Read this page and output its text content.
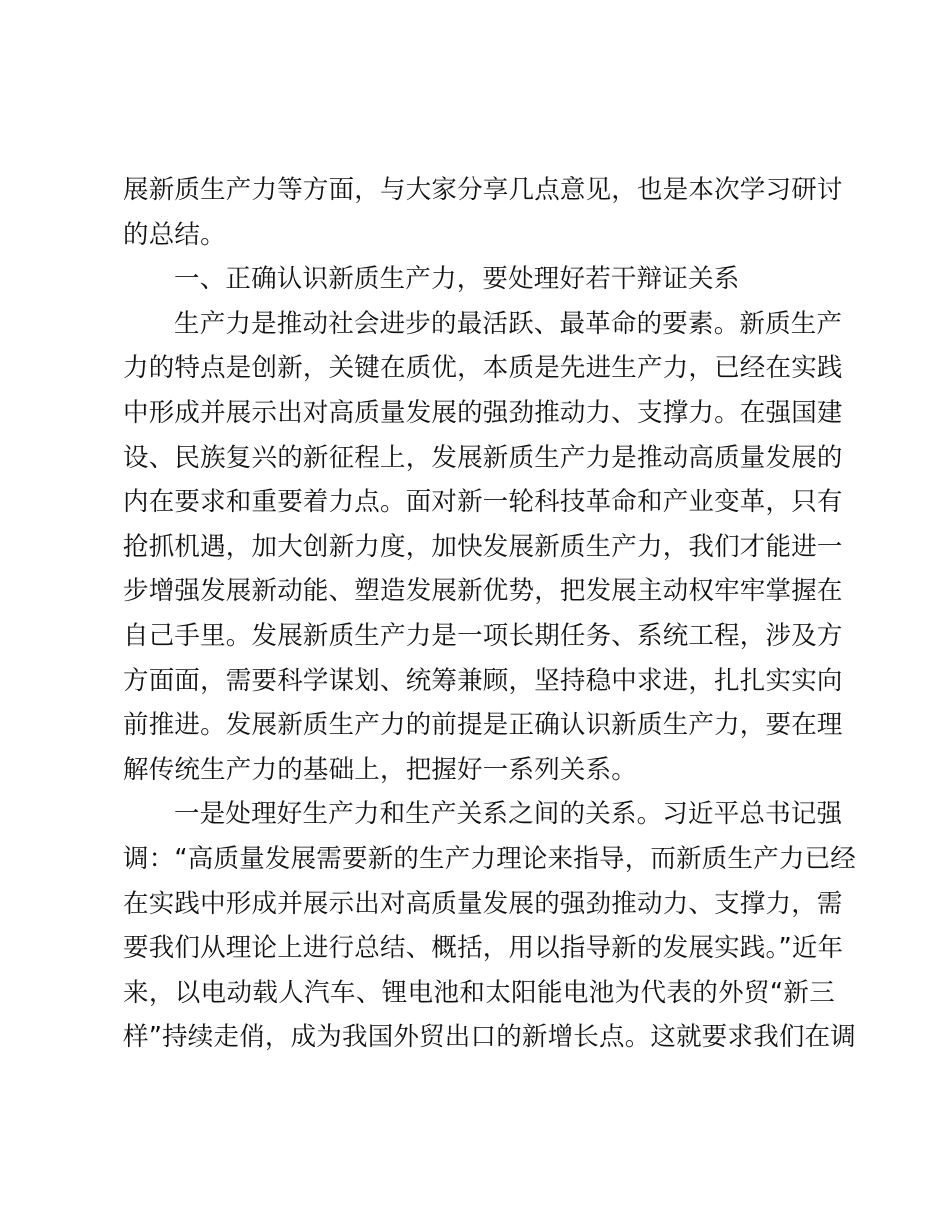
展新质生产力等方面，与大家分享几点意见，也是本次学习研讨
的总结。
一、正确认识新质生产力，要处理好若干辩证关系
生产力是推动社会进步的最活跃、最革命的要素。新质生产
力的特点是创新，关键在质优，本质是先进生产力，已经在实践
中形成并展示出对高质量发展的强劲推动力、支撑力。在强国建
设、民族复兴的新征程上，发展新质生产力是推动高质量发展的
内在要求和重要着力点。面对新一轮科技革命和产业变革，只有
抢抓机遇，加大创新力度，加快发展新质生产力，我们才能进一
步增强发展新动能、塑造发展新优势，把发展主动权牢牢掌握在
自己手里。发展新质生产力是一项长期任务、系统工程，涉及方
方面面，需要科学谋划、统筹兼顾，坚持稳中求进，扎扎实实向
前推进。发展新质生产力的前提是正确认识新质生产力，要在理
解传统生产力的基础上，把握好一系列关系。
一是处理好生产力和生产关系之间的关系。习近平总书记强
调：“高质量发展需要新的生产力理论来指导，而新质生产力已经
在实践中形成并展示出对高质量发展的强劲推动力、支撑力，需
要我们从理论上进行总结、概括，用以指导新的发展实践。”近年
来，以电动载人汽车、锂电池和太阳能电池为代表的外贸“新三
样”持续走俏，成为我国外贸出口的新增长点。这就要求我们在调
